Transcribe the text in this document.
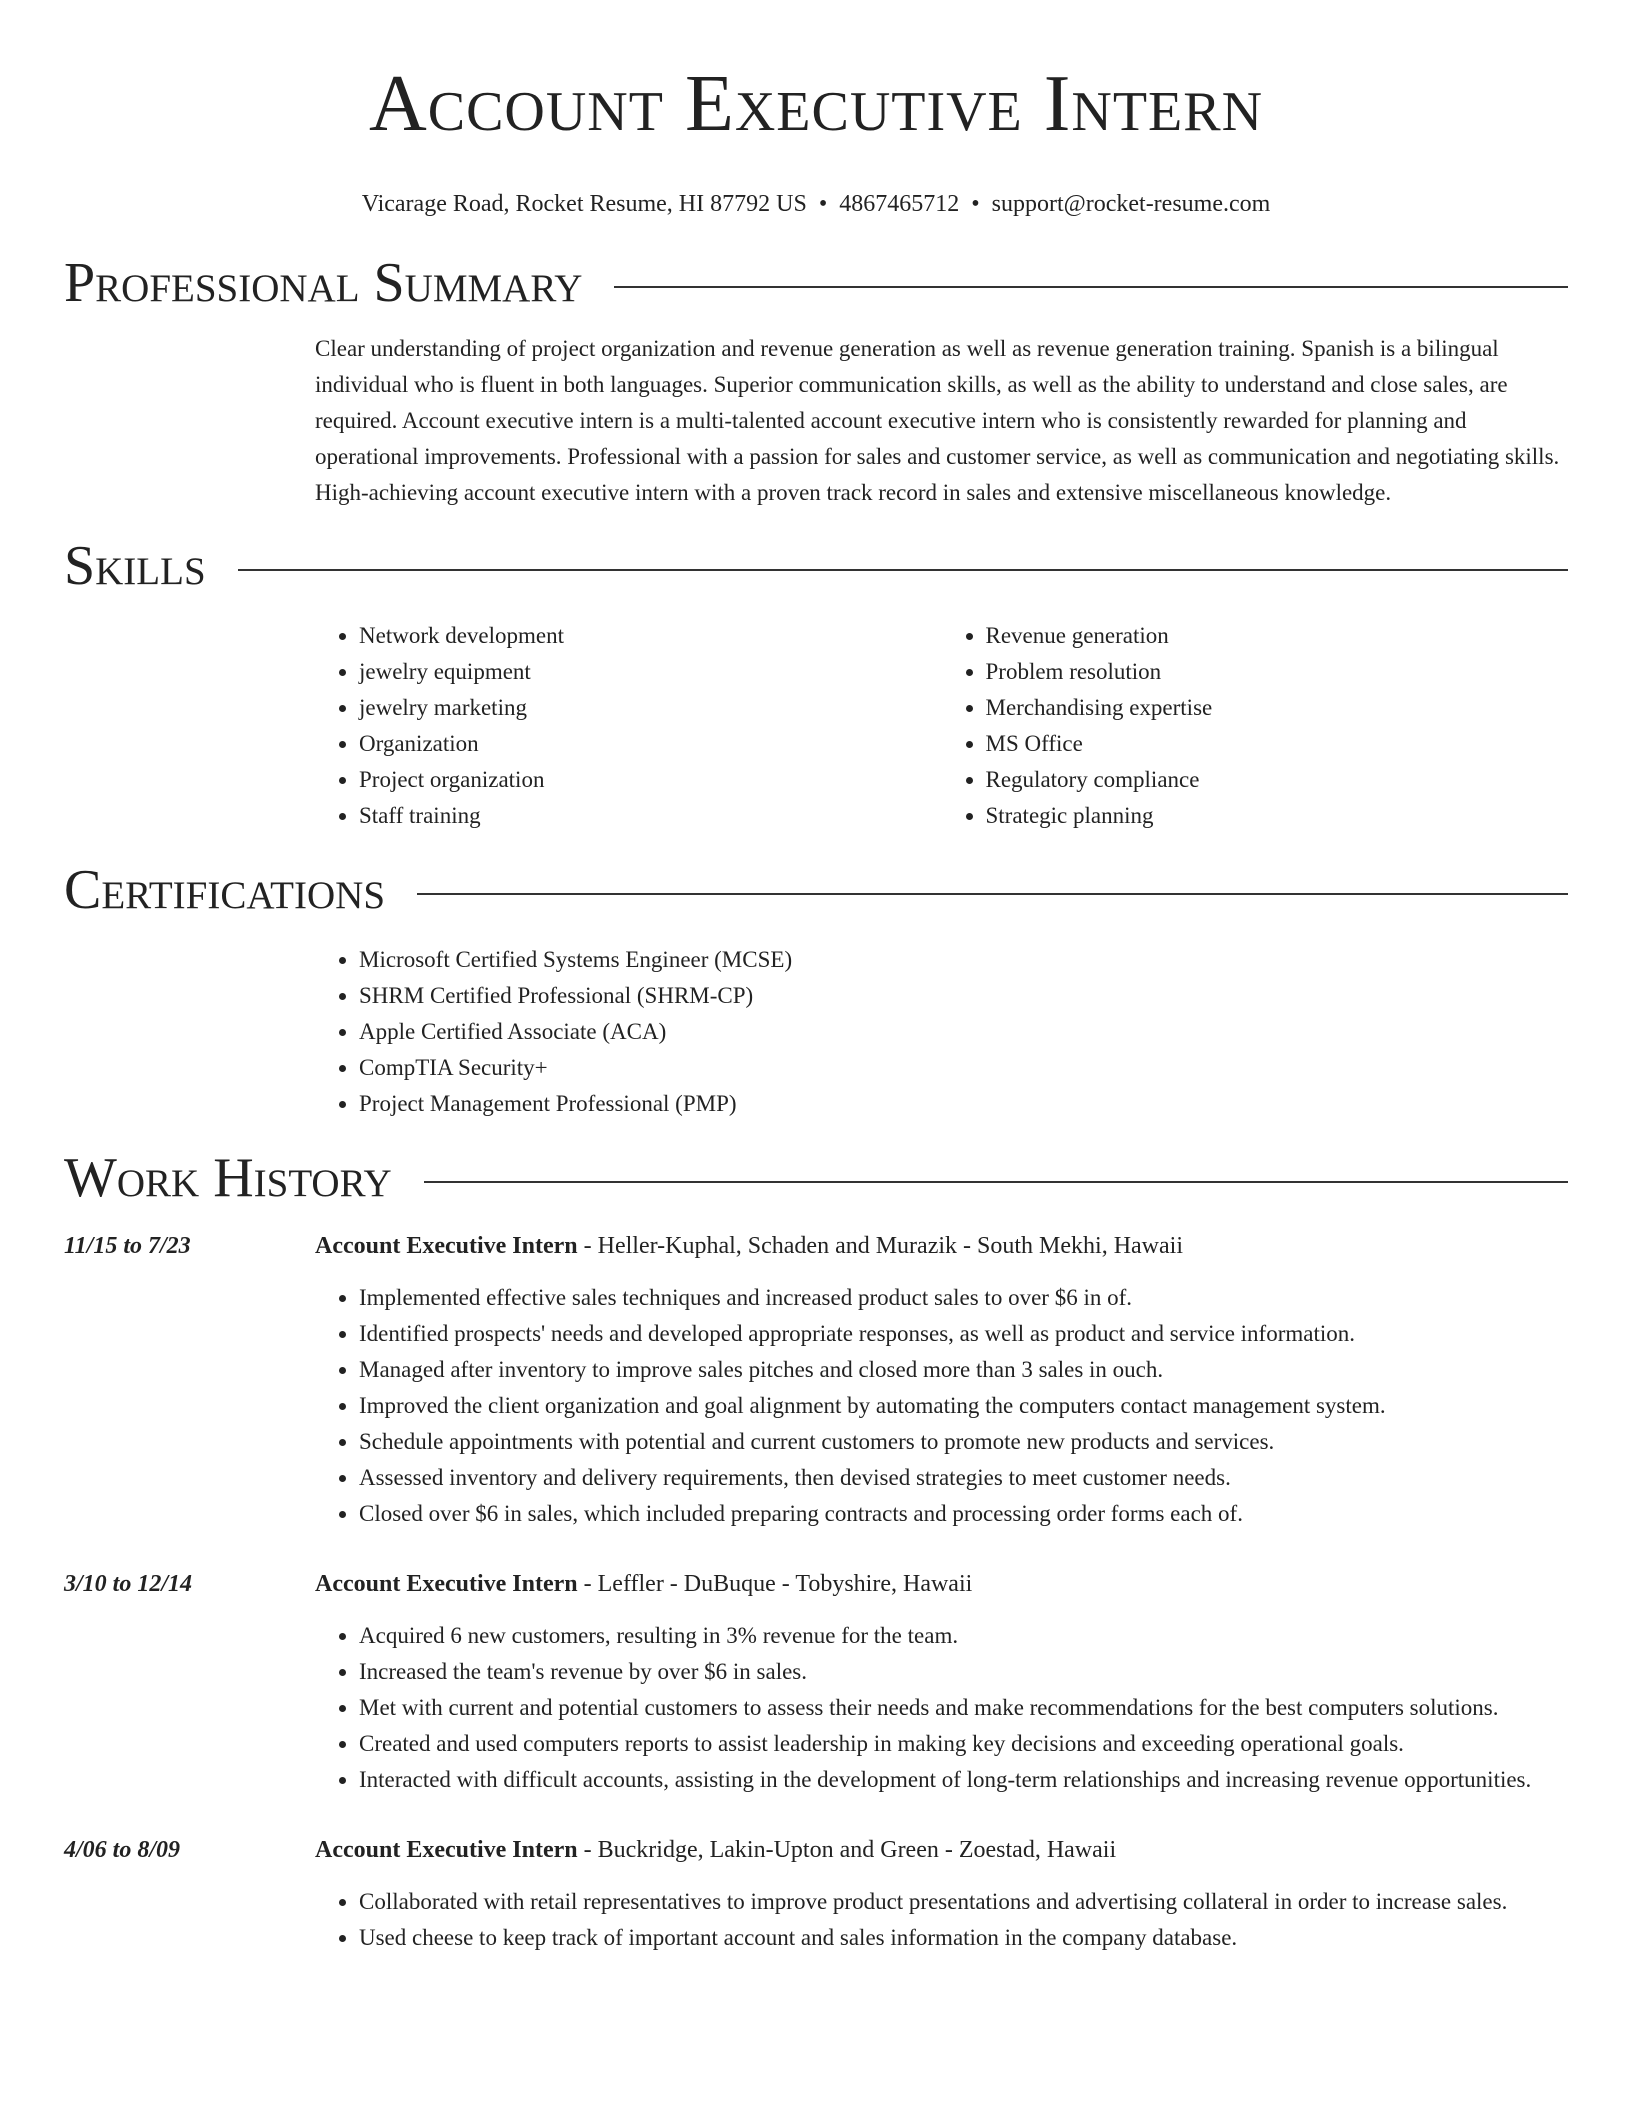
Account Executive Intern
Vicarage Road, Rocket Resume, HI 87792 US • 4867465712 • support@rocket-resume.com
Professional Summary

Clear understanding of project organization and revenue generation as well as revenue generation training. Spanish is a bilingual individual who is fluent in both languages. Superior communication skills, as well as the ability to understand and close sales, are required. Account executive intern is a multi-talented account executive intern who is consistently rewarded for planning and operational improvements. Professional with a passion for sales and customer service, as well as communication and negotiating skills. High-achieving account executive intern with a proven track record in sales and extensive miscellaneous knowledge.

Skills
• Network development
• jewelry equipment
• jewelry marketing
• Organization
• Project organization
• Staff training
• Revenue generation
• Problem resolution
• Merchandising expertise
• MS Office
• Regulatory compliance
• Strategic planning
Certifications
• Microsoft Certified Systems Engineer (MCSE)
• SHRM Certified Professional (SHRM-CP)
• Apple Certified Associate (ACA)
• CompTIA Security+
• Project Management Professional (PMP)
Work History
11/15 to 7/23	Account Executive Intern - Heller-Kuphal, Schaden and Murazik - South Mekhi, Hawaii
• Implemented effective sales techniques and increased product sales to over $6 in of.
• Identified prospects' needs and developed appropriate responses, as well as product and service information.
• Managed after inventory to improve sales pitches and closed more than 3 sales in ouch.
• Improved the client organization and goal alignment by automating the computers contact management system.
• Schedule appointments with potential and current customers to promote new products and services.
• Assessed inventory and delivery requirements, then devised strategies to meet customer needs.
• Closed over $6 in sales, which included preparing contracts and processing order forms each of.
3/10 to 12/14	Account Executive Intern - Leffler - DuBuque - Tobyshire, Hawaii
• Acquired 6 new customers, resulting in 3% revenue for the team.
• Increased the team's revenue by over $6 in sales.
• Met with current and potential customers to assess their needs and make recommendations for the best computers solutions.
• Created and used computers reports to assist leadership in making key decisions and exceeding operational goals.
• Interacted with difficult accounts, assisting in the development of long-term relationships and increasing revenue opportunities.
4/06 to 8/09	Account Executive Intern - Buckridge, Lakin-Upton and Green - Zoestad, Hawaii
• Collaborated with retail representatives to improve product presentations and advertising collateral in order to increase sales.
• Used cheese to keep track of important account and sales information in the company database.
